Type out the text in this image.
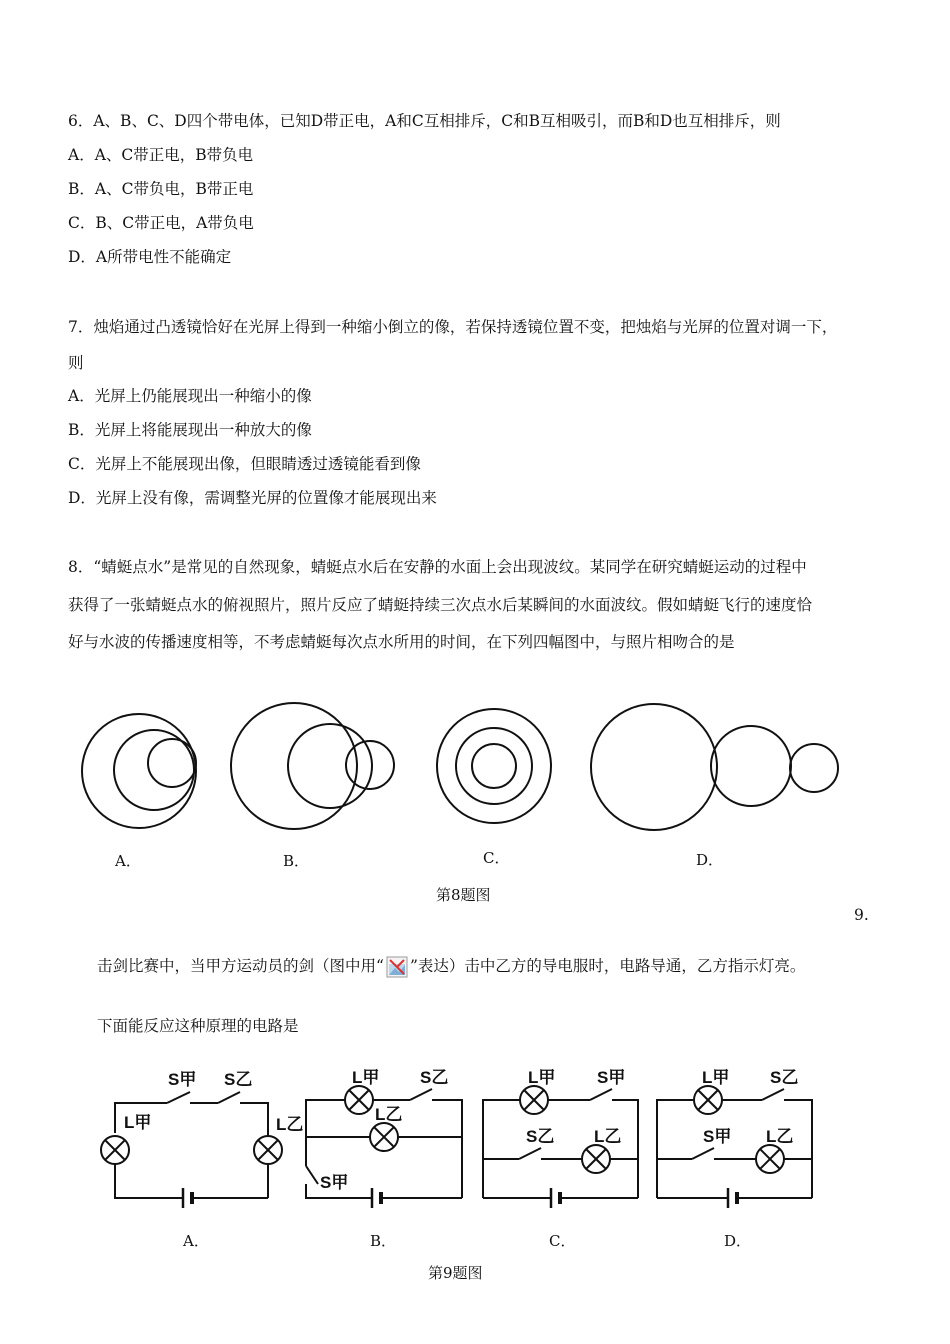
6．A、B、C、D四个带电体，已知D带正电，A和C互相排斥，C和B互相吸引，而B和D也互相排斥，则
A．A、C带正电，B带负电
B．A、C带负电，B带正电
C．B、C带正电，A带负电
D．A所带电性不能确定
7．烛焰通过凸透镜恰好在光屏上得到一种缩小倒立的像，若保持透镜位置不变，把烛焰与光屏的位置对调一下，
则
A．光屏上仍能展现出一种缩小的像
B．光屏上将能展现出一种放大的像
C．光屏上不能展现出像，但眼睛透过透镜能看到像
D．光屏上没有像，需调整光屏的位置像才能展现出来
8．“蜻蜓点水”是常见的自然现象，蜻蜓点水后在安静的水面上会出现波纹。某同学在研究蜻蜓运动的过程中
获得了一张蜻蜓点水的俯视照片，照片反应了蜻蜓持续三次点水后某瞬间的水面波纹。假如蜻蜓飞行的速度恰
好与水波的传播速度相等，不考虑蜻蜓每次点水所用的时间，在下列四幅图中，与照片相吻合的是
A．	B．	C．	D．
第8题图
9.
击剑比赛中，当甲方运动员的剑（图中用“ ”表达）击中乙方的导电服时，电路导通，乙方指示灯亮。
下面能反应这种原理的电路是
S甲 S乙
L甲	L乙
L甲 S乙
L乙
S甲
L甲 S甲
S乙 L乙
L甲 S乙
S甲 L乙
A．	B．	C．	D．
第9题图
